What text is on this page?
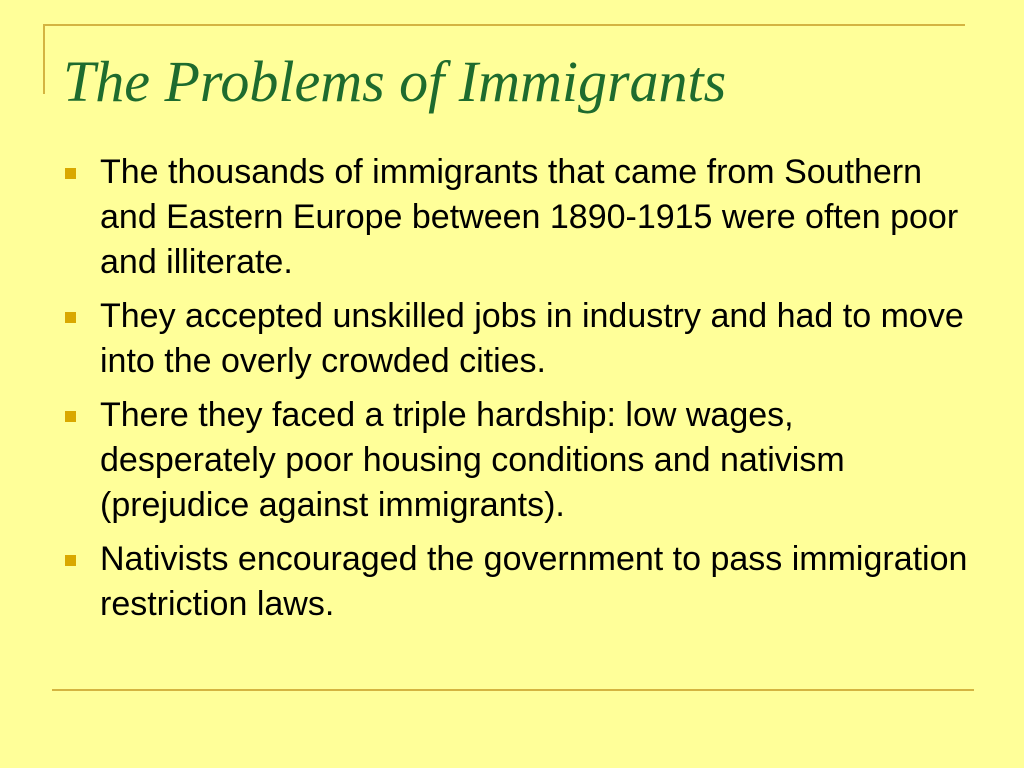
The Problems of Immigrants
The thousands of immigrants that came from Southern and Eastern Europe between 1890-1915 were often poor and illiterate.
They accepted unskilled jobs in industry and had to move into the overly crowded cities.
There they faced a triple hardship: low wages, desperately poor housing conditions and nativism (prejudice against immigrants).
Nativists encouraged the government to pass immigration restriction laws.
